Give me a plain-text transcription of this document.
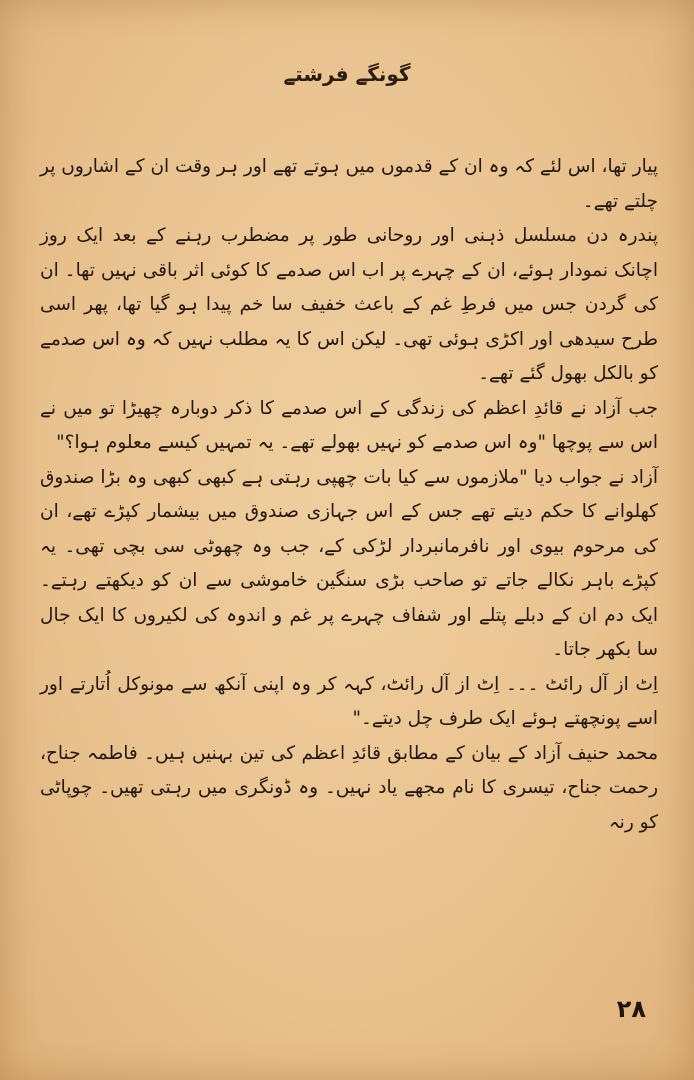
گونگے فرشتے

پیار تھا، اس لئے کہ وہ ان کے قدموں میں ہوتے تھے اور ہر وقت ان کے اشاروں پر چلتے تھے۔

پندرہ دن مسلسل ذہنی اور روحانی طور پر مضطرب رہنے کے بعد ایک روز اچانک نمودار ہوئے، ان کے چہرے پر اب اس صدمے کا کوئی اثر باقی نہیں تھا۔ ان کی گردن جس میں فرطِ غم کے باعث خفیف سا خم پیدا ہو گیا تھا، پھر اسی طرح سیدھی اور اکڑی ہوئی تھی۔ لیکن اس کا یہ مطلب نہیں کہ وہ اس صدمے کو بالکل بھول گئے تھے۔

جب آزاد نے قائدِ اعظم کی زندگی کے اس صدمے کا ذکر دوبارہ چھیڑا تو میں نے اس سے پوچھا "وہ اس صدمے کو نہیں بھولے تھے۔ یہ تمہیں کیسے معلوم ہوا؟"

آزاد نے جواب دیا "ملازموں سے کیا بات چھپی رہتی ہے کبھی کبھی وہ بڑا صندوق کھلوانے کا حکم دیتے تھے جس کے اس جہازی صندوق میں بیشمار کپڑے تھے، ان کی مرحوم بیوی اور نافرمانبردار لڑکی کے، جب وہ چھوٹی سی بچی تھی۔ یہ کپڑے باہر نکالے جاتے تو صاحب بڑی سنگین خاموشی سے ان کو دیکھتے رہتے۔ ایک دم ان کے دبلے پتلے اور شفاف چہرے پر غم و اندوہ کی لکیروں کا ایک جال سا بکھر جاتا۔

اِٹ از آل رائٹ ۔۔۔ اِٹ از آل رائٹ، کہہ کر وہ اپنی آنکھ سے مونوکل اُتارتے اور اسے پونچھتے ہوئے ایک طرف چل دیتے۔"

محمد حنیف آزاد کے بیان کے مطابق قائدِ اعظم کی تین بہنیں ہیں۔ فاطمہ جناح، رحمت جناح، تیسری کا نام مجھے یاد نہیں۔ وہ ڈونگری میں رہتی تھیں۔ چوپاٹی کو رنہ

۲۸
